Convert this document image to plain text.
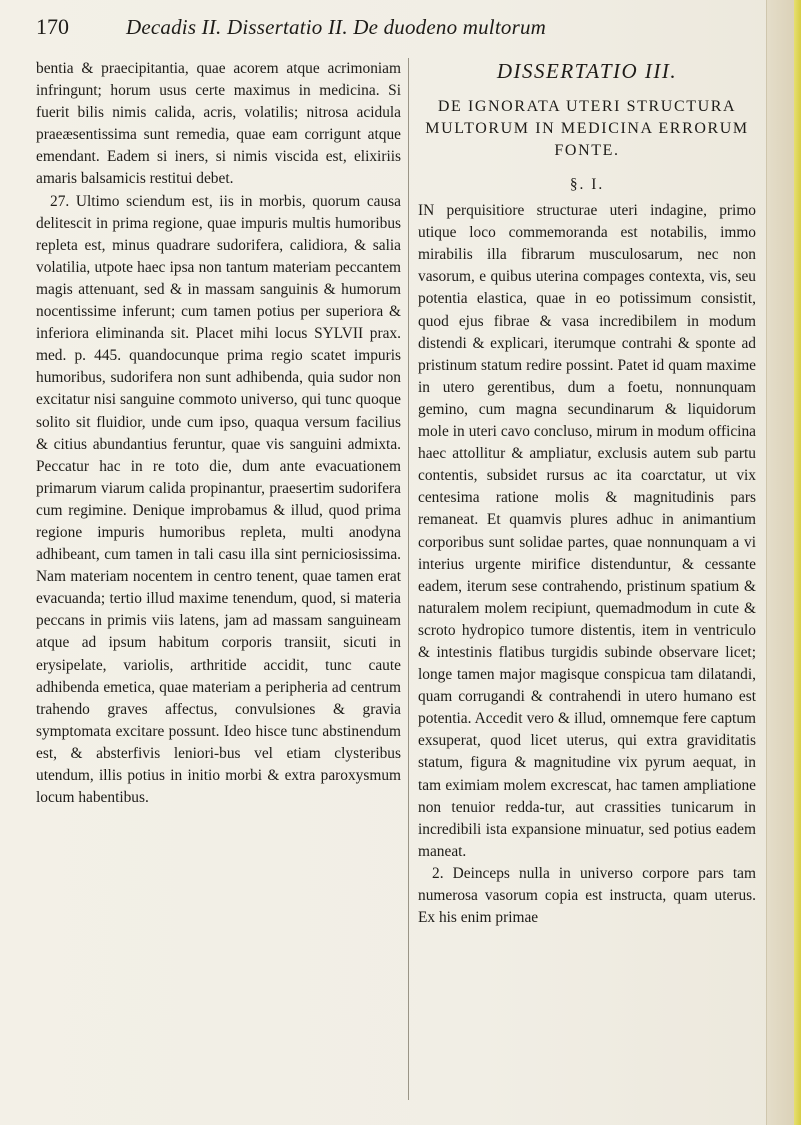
170	Decadis II. Dissertatio II. De duodeno multorum

bentia & praecipitantia, quae acorem atque acrimoniam infringunt; horum usus certe maximus in medicina. Si fuerit bilis nimis calida, acris, volatilis; nitrosa acidula praeæsentissima sunt remedia, quae eam corrigunt atque emendant. Eadem si iners, si nimis viscida est, elixiriis amaris balsamicis restitui debet.

27. Ultimo sciendum est, iis in morbis, quorum causa delitescit in prima regione, quae impuris multis humoribus repleta est, minus quadrare sudorifera, calidiora, & salia volatilia, utpote haec ipsa non tantum materiam peccantem magis attenuant, sed & in massam sanguinis & humorum nocentissime inferunt; cum tamen potius per superiora & inferiora eliminanda sit. Placet mihi locus SYLVII prax. med. p. 445. quandocunque prima regio scatet impuris humoribus, sudorifera non sunt adhibenda, quia sudor non excitatur nisi sanguine commoto universo, qui tunc quoque solito sit fluidior, unde cum ipso, quaqua versum facilius & citius abundantius feruntur, quae vis sanguini admixta. Peccatur hac in re toto die, dum ante evacuationem primarum viarum calida propinantur, praesertim sudorifera cum regimine. Denique improbamus & illud, quod prima regione impuris humoribus repleta, multi anodyna adhibeant, cum tamen in tali casu illa sint perniciosissima. Nam materiam nocentem in centro tenent, quae tamen erat evacuanda; tertio illud maxime tenendum, quod, si materia peccans in primis viis latens, jam ad massam sanguineam atque ad ipsum habitum corporis transiit, sicuti in erysipelate, variolis, arthritide accidit, tunc caute adhibenda emetica, quae materiam a peripheria ad centrum trahendo graves affectus, convulsiones & gravia symptomata excitare possunt. Ideo hisce tunc abstinendum est, & absterfivis leniori-bus vel etiam clysteribus utendum, illis potius in initio morbi & extra paroxysmum locum habentibus.

DISSERTATIO III.
DE IGNORATA UTERI STRUCTURA MULTORUM IN MEDICINA ERRORUM FONTE.
§. I.

IN perquisitiore structurae uteri indagine, primo utique loco commemoranda est notabilis, immo mirabilis illa fibrarum musculosarum, nec non vasorum, e quibus uterina compages contexta, vis, seu potentia elastica, quae in eo potissimum consistit, quod ejus fibrae & vasa incredibilem in modum distendi & explicari, iterumque contrahi & sponte ad pristinum statum redire possint. Patet id quam maxime in utero gerentibus, dum a foetu, nonnunquam gemino, cum magna secundinarum & liquidorum mole in uteri cavo concluso, mirum in modum officina haec attollitur & ampliatur, exclusis autem sub partu contentis, subsidet rursus ac ita coarctatur, ut vix centesima ratione molis & magnitudinis pars remaneat. Et quamvis plures adhuc in animantium corporibus sunt solidae partes, quae nonnunquam a vi interius urgente mirifice distenduntur, & cessante eadem, iterum sese contrahendo, pristinum spatium & naturalem molem recipiunt, quemadmodum in cute & scroto hydropico tumore distentis, item in ventriculo & intestinis flatibus turgidis subinde observare licet; longe tamen major magisque conspicua tam dilatandi, quam corrugandi & contrahendi in utero humano est potentia. Accedit vero & illud, omnemque fere captum exsuperat, quod licet uterus, qui extra graviditatis statum, figura & magnitudine vix pyrum aequat, in tam eximiam molem excrescat, hac tamen ampliatione non tenuior redda-tur, aut crassities tunicarum in incredibili ista expansione minuatur, sed potius eadem maneat.

2. Deinceps nulla in universo corpore pars tam numerosa vasorum copia est instructa, quam uterus. Ex his enim primae
